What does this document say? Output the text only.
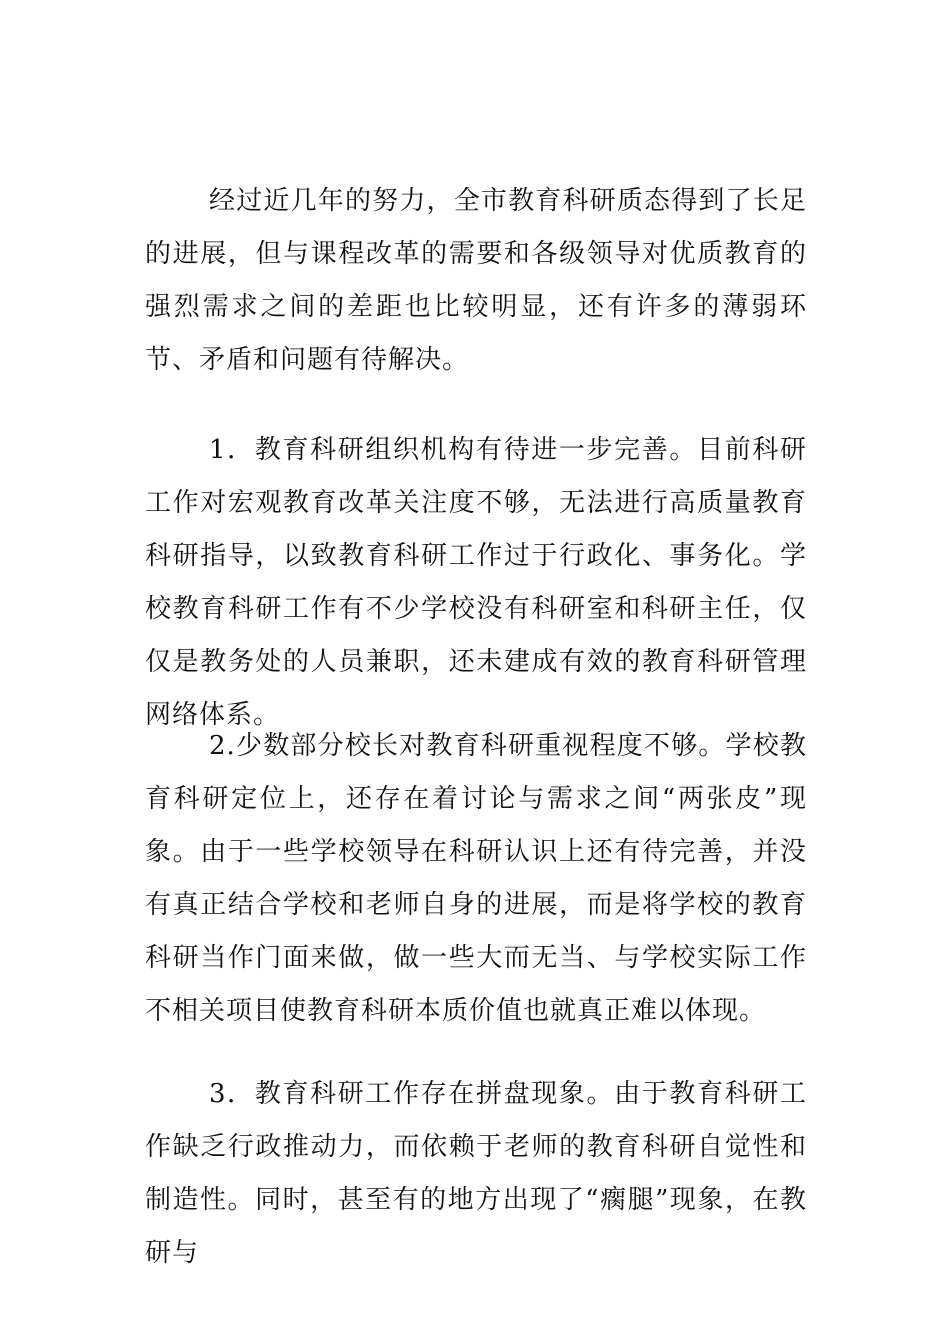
经过近几年的努力，全市教育科研质态得到了长足的进展，但与课程改革的需要和各级领导对优质教育的强烈需求之间的差距也比较明显，还有许多的薄弱环节、矛盾和问题有待解决。

1．教育科研组织机构有待进一步完善。目前科研工作对宏观教育改革关注度不够，无法进行高质量教育科研指导，以致教育科研工作过于行政化、事务化。学校教育科研工作有不少学校没有科研室和科研主任，仅仅是教务处的人员兼职，还未建成有效的教育科研管理网络体系。

2.少数部分校长对教育科研重视程度不够。学校教育科研定位上，还存在着讨论与需求之间“两张皮”现象。由于一些学校领导在科研认识上还有待完善，并没有真正结合学校和老师自身的进展，而是将学校的教育科研当作门面来做，做一些大而无当、与学校实际工作不相关项目使教育科研本质价值也就真正难以体现。

3．教育科研工作存在拼盘现象。由于教育科研工作缺乏行政推动力，而依赖于老师的教育科研自觉性和制造性。同时，甚至有的地方出现了“瘸腿”现象，在教研与
